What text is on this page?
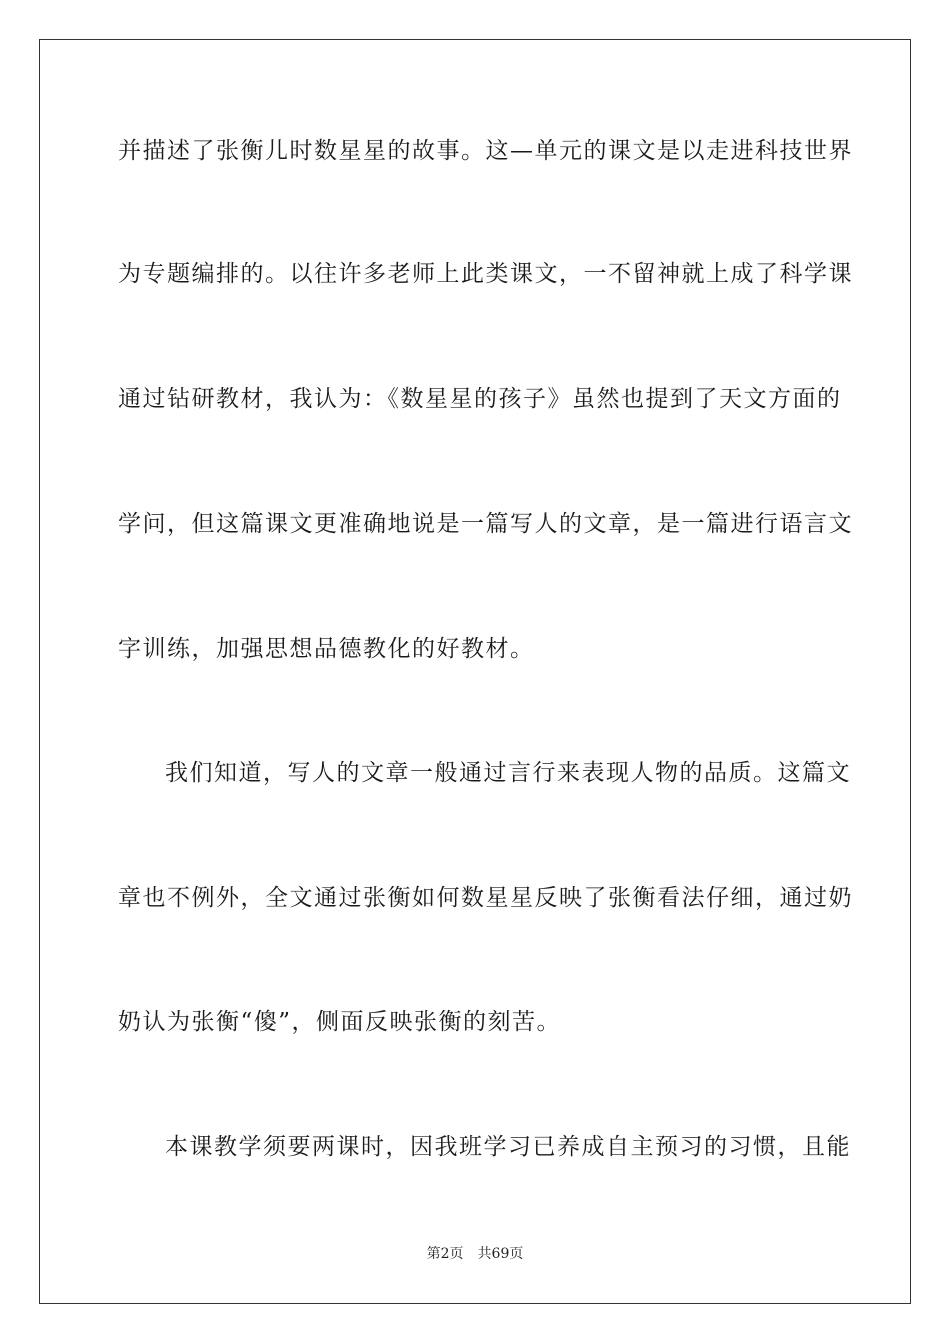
并描述了张衡儿时数星星的故事。这—单元的课文是以走进科技世界
为专题编排的。以往许多老师上此类课文，一不留神就上成了科学课
通过钻研教材，我认为：《数星星的孩子》虽然也提到了天文方面的
学问，但这篇课文更准确地说是一篇写人的文章，是一篇进行语言文
字训练，加强思想品德教化的好教材。
我们知道，写人的文章一般通过言行来表现人物的品质。这篇文
章也不例外，全文通过张衡如何数星星反映了张衡看法仔细，通过奶
奶认为张衡“傻”，侧面反映张衡的刻苦。
本课教学须要两课时，因我班学习已养成自主预习的习惯，且能
第2页 共69页
